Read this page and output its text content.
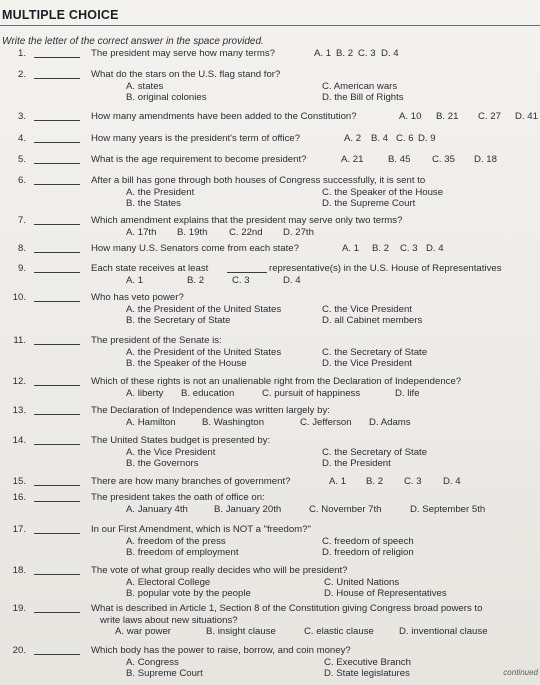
MULTIPLE CHOICE
Write the letter of the correct answer in the space provided.
1.	The president may serve how many terms?	A. 1 B. 2 C. 3 D. 4
2.	What do the stars on the U.S. flag stand for?
A. states	C. American wars
B. original colonies	D. the Bill of Rights
3.	How many amendments have been added to the Constitution?	A. 10 B. 21 C. 27 D. 41
4.	How many years is the president's term of office?	A. 2 B. 4 C. 6 D. 9
5.	What is the age requirement to become president?	A. 21	B. 45 C. 35 D. 18
6.	After a bill has gone through both houses of Congress successfully, it is sent to
A. the President	C. the Speaker of the House
B. the States	D. the Supreme Court
7.	Which amendment explains that the president may serve only two terms?
A. 17th B. 19th C. 22nd D. 27th
8.	How many U.S. Senators come from each state?	A. 1 B. 2 C. 3 D. 4
9.	Each state receives at least	representative(s) in the U.S. House of Representatives
A. 1	B. 2	C. 3	D. 4
10.	Who has veto power?
A. the President of the United States	C. the Vice President
B. the Secretary of State	D. all Cabinet members
11.	The president of the Senate is:
A. the President of the United States	C. the Secretary of State
B. the Speaker of the House	D. the Vice President
12.	Which of these rights is not an unalienable right from the Declaration of Independence?
A. liberty B. education	C. pursuit of happiness	D. life
13.	The Declaration of Independence was written largely by:
A. Hamilton	B. Washington	C. Jefferson D. Adams
14.	The United States budget is presented by:
A. the Vice President	C. the Secretary of State
B. the Governors	D. the President
15.	There are how many branches of government?	A. 1 B. 2 C. 3 D. 4
16.	The president takes the oath of office on:
A. January 4th	B. January 20th	C. November 7th	D. September 5th
17.	In our First Amendment, which is NOT a "freedom?"
A. freedom of the press	C. freedom of speech
B. freedom of employment	D. freedom of religion
18.	The vote of what group really decides who will be president?
A. Electoral College	C. United Nations
B. popular vote by the people	D. House of Representatives
19.	What is described in Article 1, Section 8 of the Constitution giving Congress broad powers to
write laws about new situations?
A. war power	B. insight clause	C. elastic clause	D. inventional clause
20.	Which body has the power to raise, borrow, and coin money?
A. Congress	C. Executive Branch
B. Supreme Court	D. State legislatures	continued
